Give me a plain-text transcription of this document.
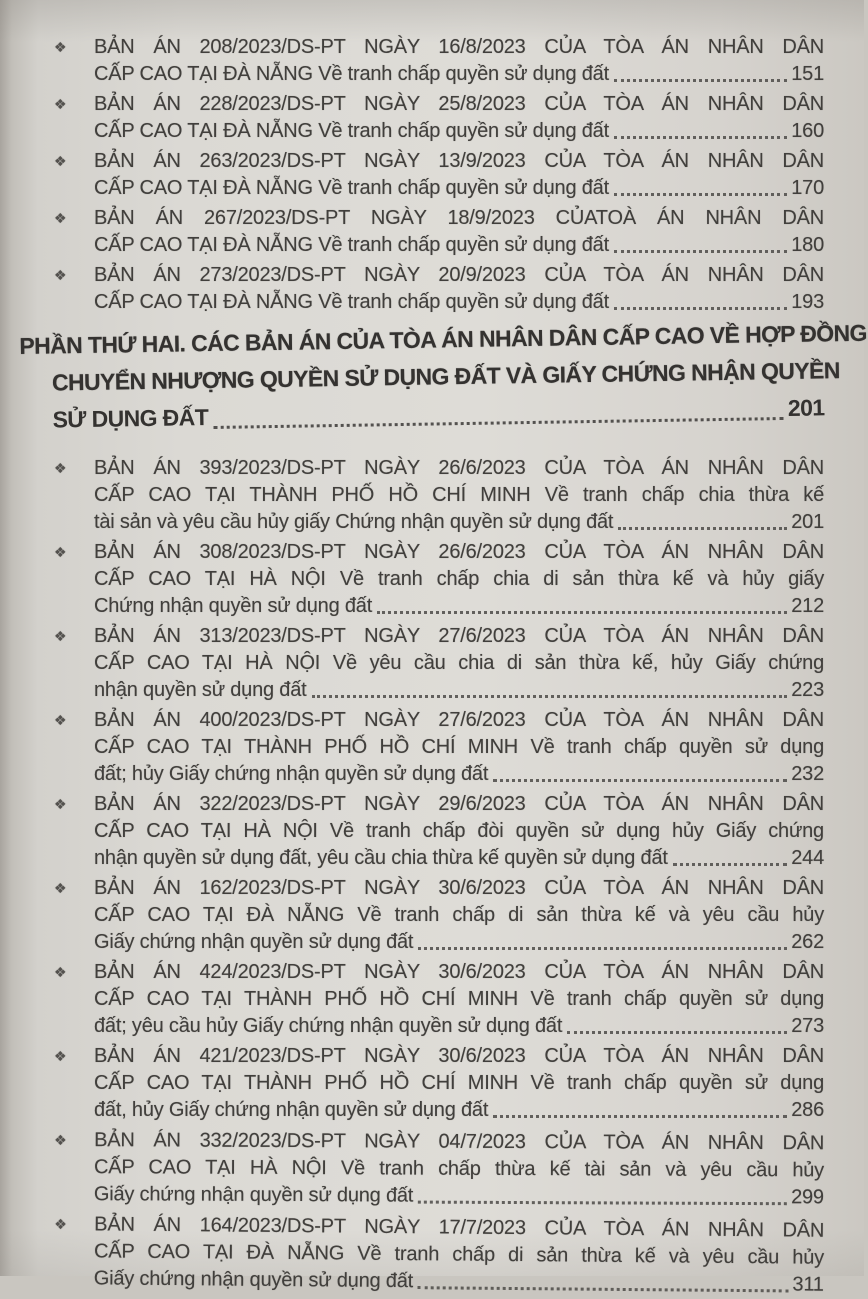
❖	BẢN ÁN 208/2023/DS-PT NGÀY 16/8/2023 CỦA TÒA ÁN NHÂN DÂN
CẤP CAO TẠI ĐÀ NẴNG Về tranh chấp quyền sử dụng đất	151
❖	BẢN ÁN 228/2023/DS-PT NGÀY 25/8/2023 CỦA TÒA ÁN NHÂN DÂN
CẤP CAO TẠI ĐÀ NẴNG Về tranh chấp quyền sử dụng đất	160
❖	BẢN ÁN 263/2023/DS-PT NGÀY 13/9/2023 CỦA TÒA ÁN NHÂN DÂN
CẤP CAO TẠI ĐÀ NẴNG Về tranh chấp quyền sử dụng đất	170
❖	BẢN ÁN 267/2023/DS-PT NGÀY 18/9/2023 CỦATOÀ ÁN NHÂN DÂN
CẤP CAO TẠI ĐÀ NẴNG Về tranh chấp quyền sử dụng đất	180
❖	BẢN ÁN 273/2023/DS-PT NGÀY 20/9/2023 CỦA TÒA ÁN NHÂN DÂN
CẤP CAO TẠI ĐÀ NẴNG Về tranh chấp quyền sử dụng đất	193
PHẦN THỨ HAI. CÁC BẢN ÁN CỦA TÒA ÁN NHÂN DÂN CẤP CAO VỀ HỢP ĐỒNG
CHUYỂN NHƯỢNG QUYỀN SỬ DỤNG ĐẤT VÀ GIẤY CHỨNG NHẬN QUYỀN
SỬ DỤNG ĐẤT	201
❖	BẢN ÁN 393/2023/DS-PT NGÀY 26/6/2023 CỦA TÒA ÁN NHÂN DÂN
CẤP CAO TẠI THÀNH PHỐ HỒ CHÍ MINH Về tranh chấp chia thừa kế
tài sản và yêu cầu hủy giấy Chứng nhận quyền sử dụng đất	201
❖	BẢN ÁN 308/2023/DS-PT NGÀY 26/6/2023 CỦA TÒA ÁN NHÂN DÂN
CẤP CAO TẠI HÀ NỘI Về tranh chấp chia di sản thừa kế và hủy giấy
Chứng nhận quyền sử dụng đất	212
❖	BẢN ÁN 313/2023/DS-PT NGÀY 27/6/2023 CỦA TÒA ÁN NHÂN DÂN
CẤP CAO TẠI HÀ NỘI Về yêu cầu chia di sản thừa kế, hủy Giấy chứng
nhận quyền sử dụng đất	223
❖	BẢN ÁN 400/2023/DS-PT NGÀY 27/6/2023 CỦA TÒA ÁN NHÂN DÂN
CẤP CAO TẠI THÀNH PHỐ HỒ CHÍ MINH Về tranh chấp quyền sử dụng
đất; hủy Giấy chứng nhận quyền sử dụng đất	232
❖	BẢN ÁN 322/2023/DS-PT NGÀY 29/6/2023 CỦA TÒA ÁN NHÂN DÂN
CẤP CAO TẠI HÀ NỘI Về tranh chấp đòi quyền sử dụng hủy Giấy chứng
nhận quyền sử dụng đất, yêu cầu chia thừa kế quyền sử dụng đất	244
❖	BẢN ÁN 162/2023/DS-PT NGÀY 30/6/2023 CỦA TÒA ÁN NHÂN DÂN
CẤP CAO TẠI ĐÀ NẴNG Về tranh chấp di sản thừa kế và yêu cầu hủy
Giấy chứng nhận quyền sử dụng đất	262
❖	BẢN ÁN 424/2023/DS-PT NGÀY 30/6/2023 CỦA TÒA ÁN NHÂN DÂN
CẤP CAO TẠI THÀNH PHỐ HỒ CHÍ MINH Về tranh chấp quyền sử dụng
đất; yêu cầu hủy Giấy chứng nhận quyền sử dụng đất	273
❖	BẢN ÁN 421/2023/DS-PT NGÀY 30/6/2023 CỦA TÒA ÁN NHÂN DÂN
CẤP CAO TẠI THÀNH PHỐ HỒ CHÍ MINH Về tranh chấp quyền sử dụng
đất, hủy Giấy chứng nhận quyền sử dụng đất	286
❖	BẢN ÁN 332/2023/DS-PT NGÀY 04/7/2023 CỦA TÒA ÁN NHÂN DÂN
CẤP CAO TẠI HÀ NỘI Về tranh chấp thừa kế tài sản và yêu cầu hủy
Giấy chứng nhận quyền sử dụng đất	299
❖	BẢN ÁN 164/2023/DS-PT NGÀY 17/7/2023 CỦA TÒA ÁN NHÂN DÂN
CẤP CAO TẠI ĐÀ NẴNG Về tranh chấp di sản thừa kế và yêu cầu hủy
Giấy chứng nhận quyền sử dụng đất	311
